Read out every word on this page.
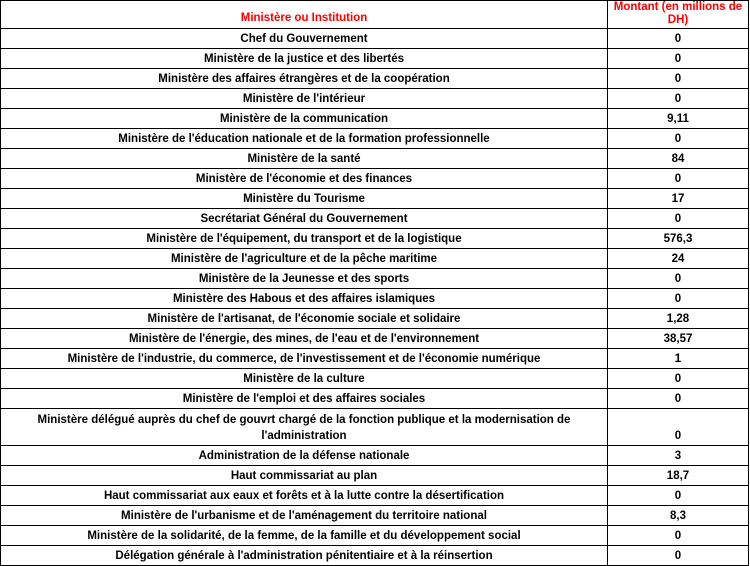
Ministère ou Institution	Montant (en millions de DH)
Chef du Gouvernement	0
Ministère de la justice et des libertés	0
Ministère des affaires étrangères et de la coopération	0
Ministère de l'intérieur	0
Ministère de la communication	9,11
Ministère de l'éducation nationale et de la formation professionnelle	0
Ministère de la santé	84
Ministère de l'économie et des finances	0
Ministère du Tourisme	17
Secrétariat Général du Gouvernement	0
Ministère de l'équipement, du transport et de la logistique	576,3
Ministère de l'agriculture et de la pêche maritime	24
Ministère de la Jeunesse et des sports	0
Ministère des Habous et des affaires islamiques	0
Ministère de l'artisanat, de l'économie sociale et solidaire	1,28
Ministère de l'énergie, des mines, de l'eau et de l'environnement	38,57
Ministère de l'industrie, du commerce, de l'investissement et de l'économie numérique	1
Ministère de la culture	0
Ministère de l'emploi et des affaires sociales	0
Ministère délégué auprès du chef de gouvrt chargé de la fonction publique et la modernisation de l'administration	0
Administration de la défense nationale	3
Haut commissariat au plan	18,7
Haut commissariat aux eaux et forêts et à la lutte contre la désertification	0
Ministère de l'urbanisme et de l'aménagement du territoire national	8,3
Ministère de la solidarité, de la femme, de la famille et du développement social	0
Délégation générale à l'administration pénitentiaire et à la réinsertion	0
